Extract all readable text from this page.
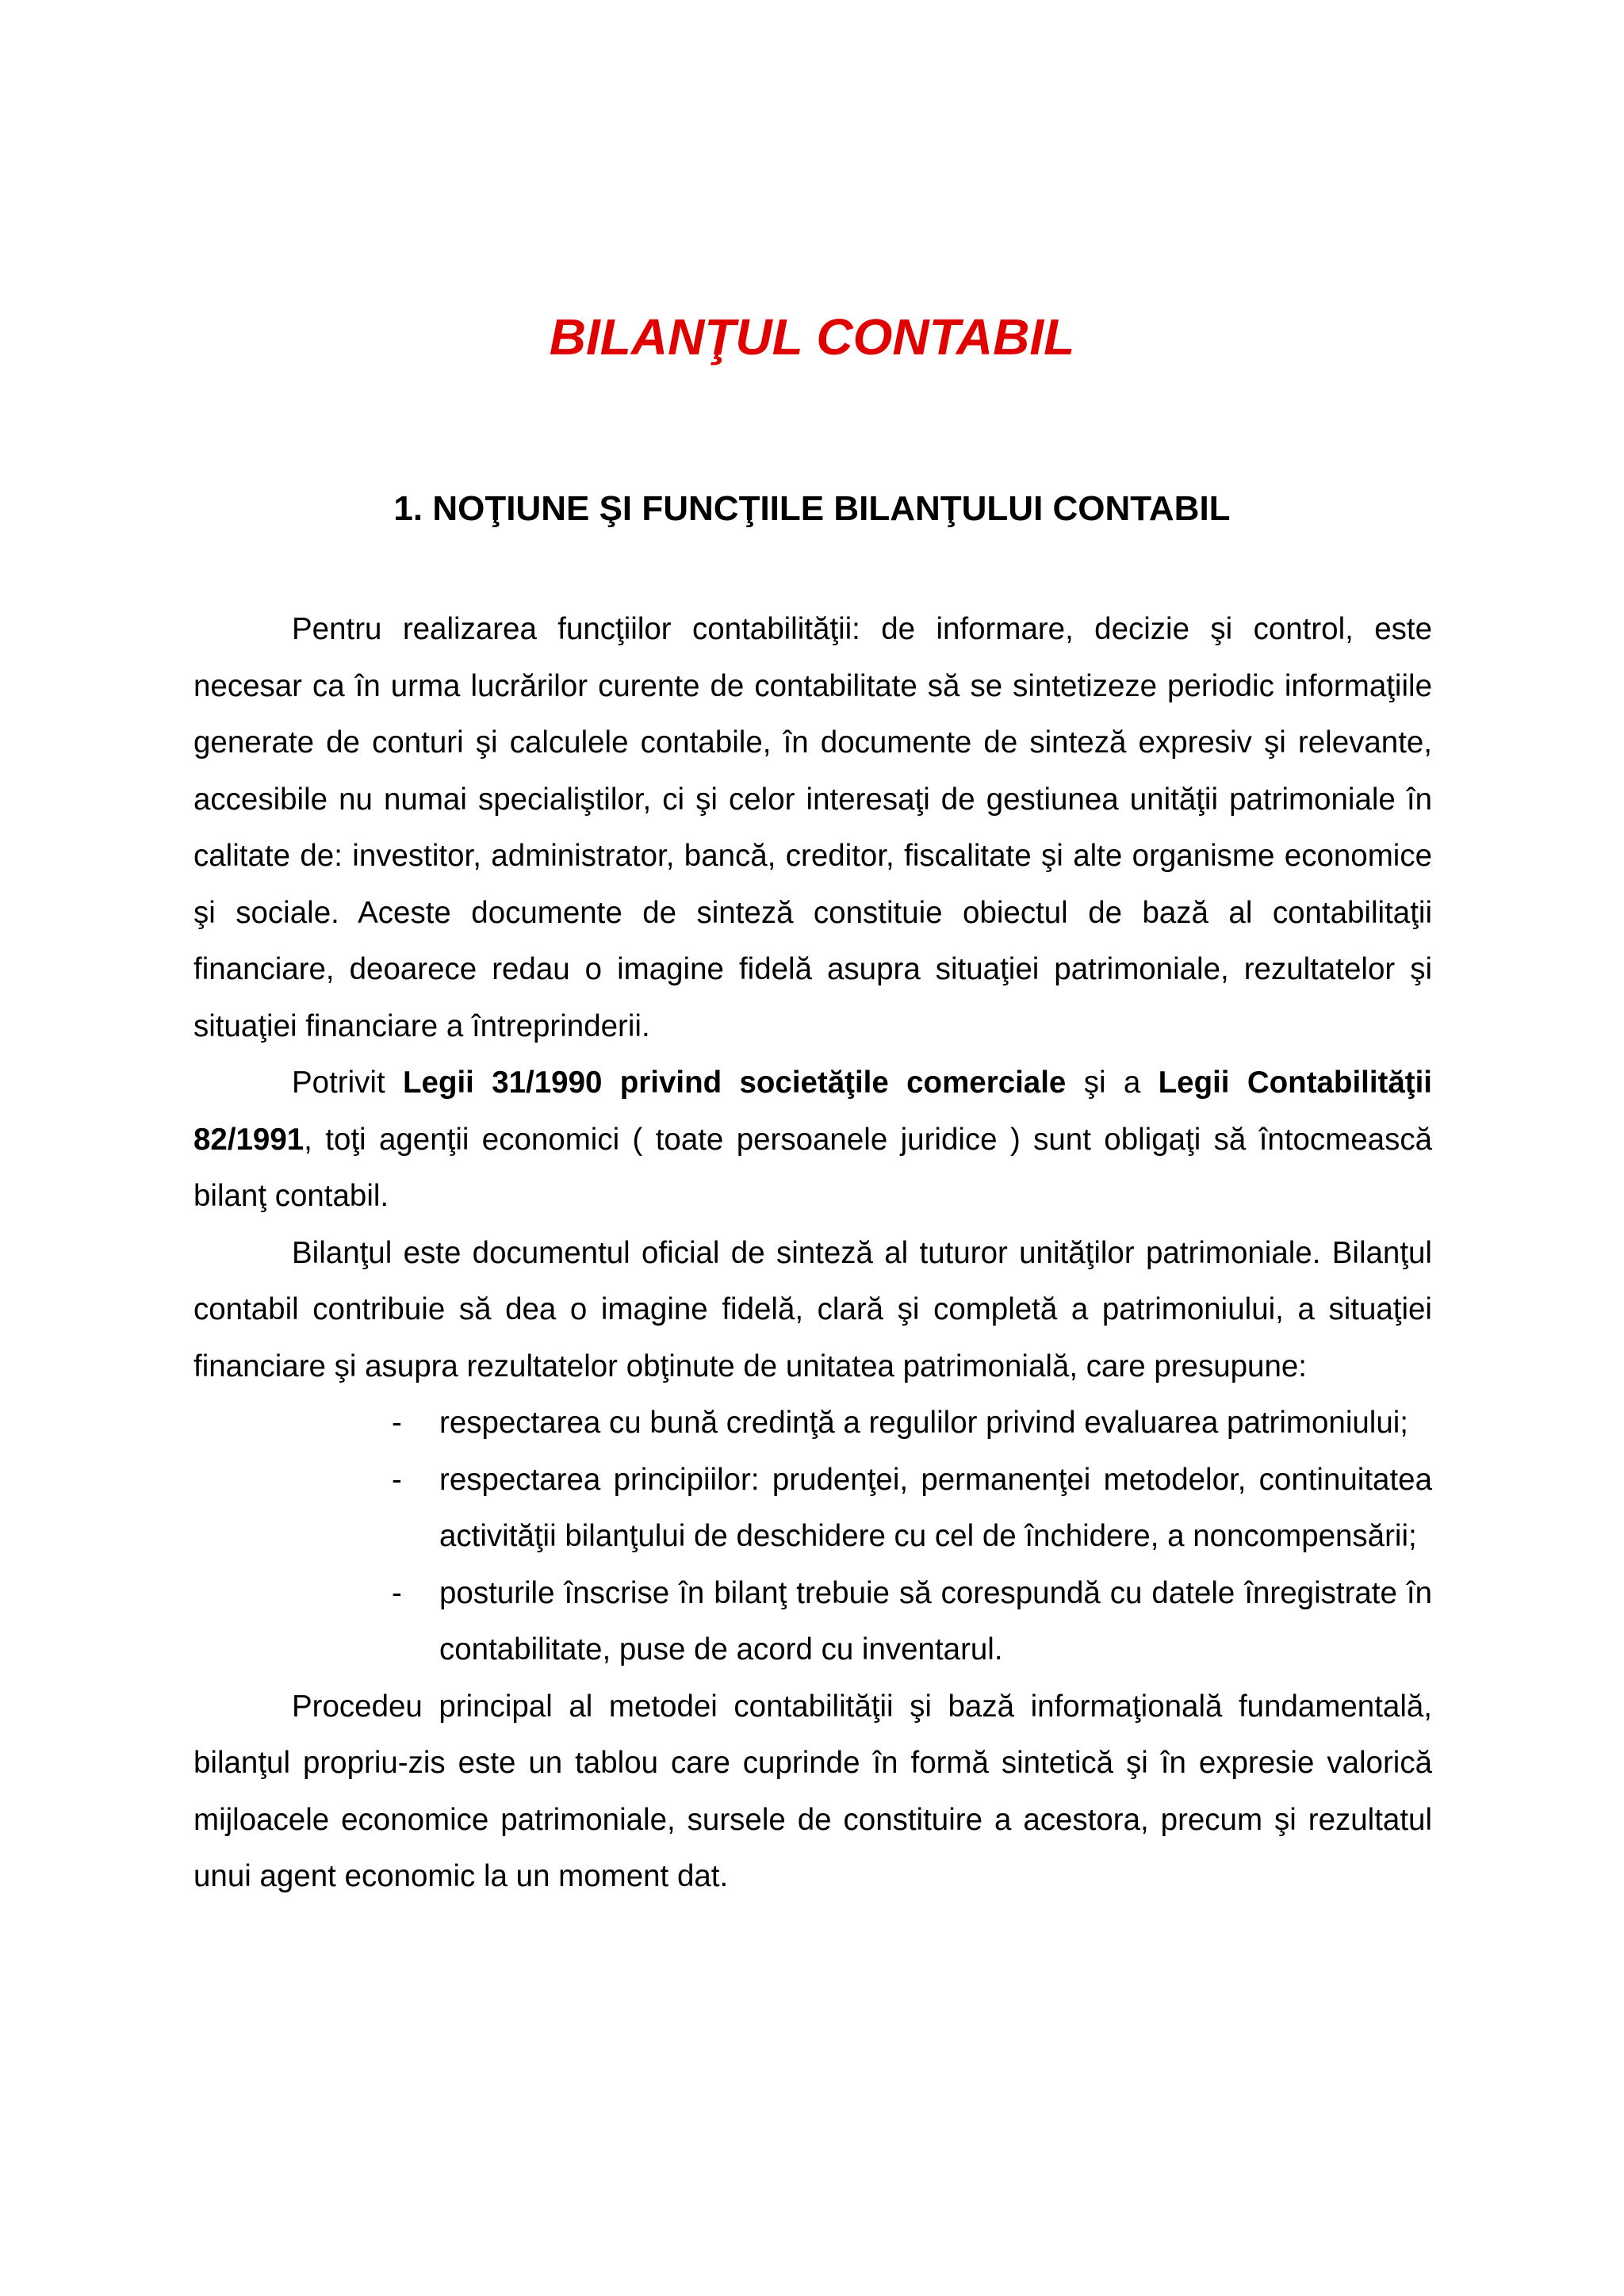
BILANŢUL CONTABIL
1. NOŢIUNE ŞI FUNCŢIILE BILANŢULUI CONTABIL

Pentru realizarea funcţiilor contabilităţii: de informare, decizie şi control, este necesar ca în urma lucrărilor curente de contabilitate să se sintetizeze periodic informaţiile generate de conturi şi calculele contabile, în documente de sinteză expresiv şi relevante, accesibile nu numai specialiştilor, ci şi celor interesaţi de gestiunea unităţii patrimoniale în calitate de: investitor, administrator, bancă, creditor, fiscalitate şi alte organisme economice şi sociale. Aceste documente de sinteză constituie obiectul de bază al contabilitaţii financiare, deoarece redau o imagine fidelă asupra situaţiei patrimoniale, rezultatelor şi situaţiei financiare a întreprinderii.

Potrivit Legii 31/1990 privind societăţile comerciale şi a Legii Contabilităţii 82/1991, toţi agenţii economici ( toate persoanele juridice ) sunt obligaţi să întocmească bilanţ contabil.

Bilanţul este documentul oficial de sinteză al tuturor unităţilor patrimoniale. Bilanţul contabil contribuie să dea o imagine fidelă, clară şi completă a patrimoniului, a situaţiei financiare şi asupra rezultatelor obţinute de unitatea patrimonială, care presupune:

- respectarea cu bună credinţă a regulilor privind evaluarea patrimoniului;
- respectarea principiilor: prudenţei, permanenţei metodelor, continuitatea activităţii bilanţului de deschidere cu cel de închidere, a noncompensării;
- posturile înscrise în bilanţ trebuie să corespundă cu datele înregistrate în contabilitate, puse de acord cu inventarul.

Procedeu principal al metodei contabilităţii şi bază informaţională fundamentală, bilanţul propriu-zis este un tablou care cuprinde în formă sintetică şi în expresie valorică mijloacele economice patrimoniale, sursele de constituire a acestora, precum şi rezultatul unui agent economic la un moment dat.
